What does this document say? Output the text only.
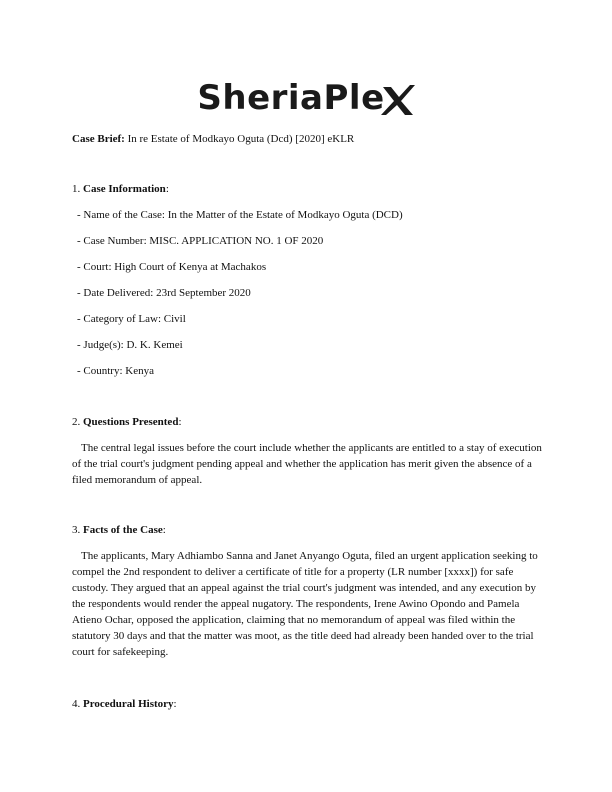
SheriaPle

Case Brief: In re Estate of Modkayo Oguta (Dcd) [2020] eKLR

1. Case Information:

- Name of the Case: In the Matter of the Estate of Modkayo Oguta (DCD)

- Case Number: MISC. APPLICATION NO. 1 OF 2020

- Court: High Court of Kenya at Machakos

- Date Delivered: 23rd September 2020

- Category of Law: Civil

- Judge(s): D. K. Kemei

- Country: Kenya

2. Questions Presented:

The central legal issues before the court include whether the applicants are entitled to a stay of execution of the trial court's judgment pending appeal and whether the application has merit given the absence of a filed memorandum of appeal.

3. Facts of the Case:

The applicants, Mary Adhiambo Sanna and Janet Anyango Oguta, filed an urgent application seeking to compel the 2nd respondent to deliver a certificate of title for a property (LR number [xxxx]) for safe custody. They argued that an appeal against the trial court's judgment was intended, and any execution by the respondents would render the appeal nugatory. The respondents, Irene Awino Opondo and Pamela Atieno Ochar, opposed the application, claiming that no memorandum of appeal was filed within the statutory 30 days and that the matter was moot, as the title deed had already been handed over to the trial court for safekeeping.

4. Procedural History:
